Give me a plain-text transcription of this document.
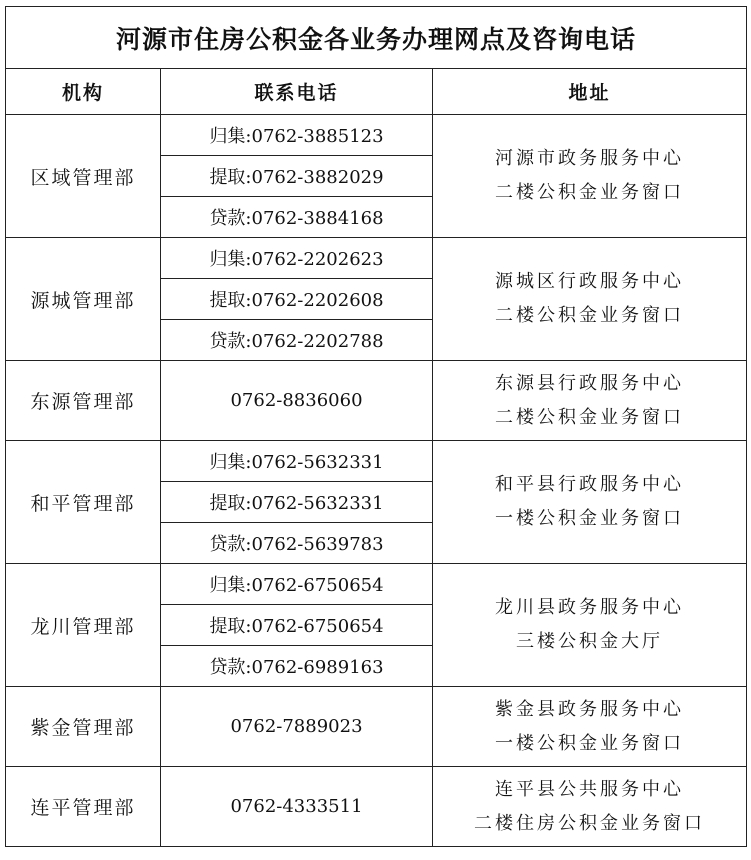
河源市住房公积金各业务办理网点及咨询电话		
机构	联系电话	地址
区域管理部	归集:0762-3885123	河源市政务服务中心
二楼公积金业务窗口

	提取:0762-3882029	
	贷款:0762-3884168	
源城管理部	归集:0762-2202623	源城区行政服务中心
二楼公积金业务窗口

	提取:0762-2202608	
	贷款:0762-2202788	
东源管理部	0762-8836060	东源县行政服务中心
二楼公积金业务窗口

和平管理部	归集:0762-5632331	和平县行政服务中心
一楼公积金业务窗口

	提取:0762-5632331	
	贷款:0762-5639783	
龙川管理部	归集:0762-6750654	龙川县政务服务中心
三楼公积金大厅

	提取:0762-6750654	
	贷款:0762-6989163	
紫金管理部	0762-7889023	紫金县政务服务中心
一楼公积金业务窗口

连平管理部	0762-4333511	连平县公共服务中心
二楼住房公积金业务窗口
